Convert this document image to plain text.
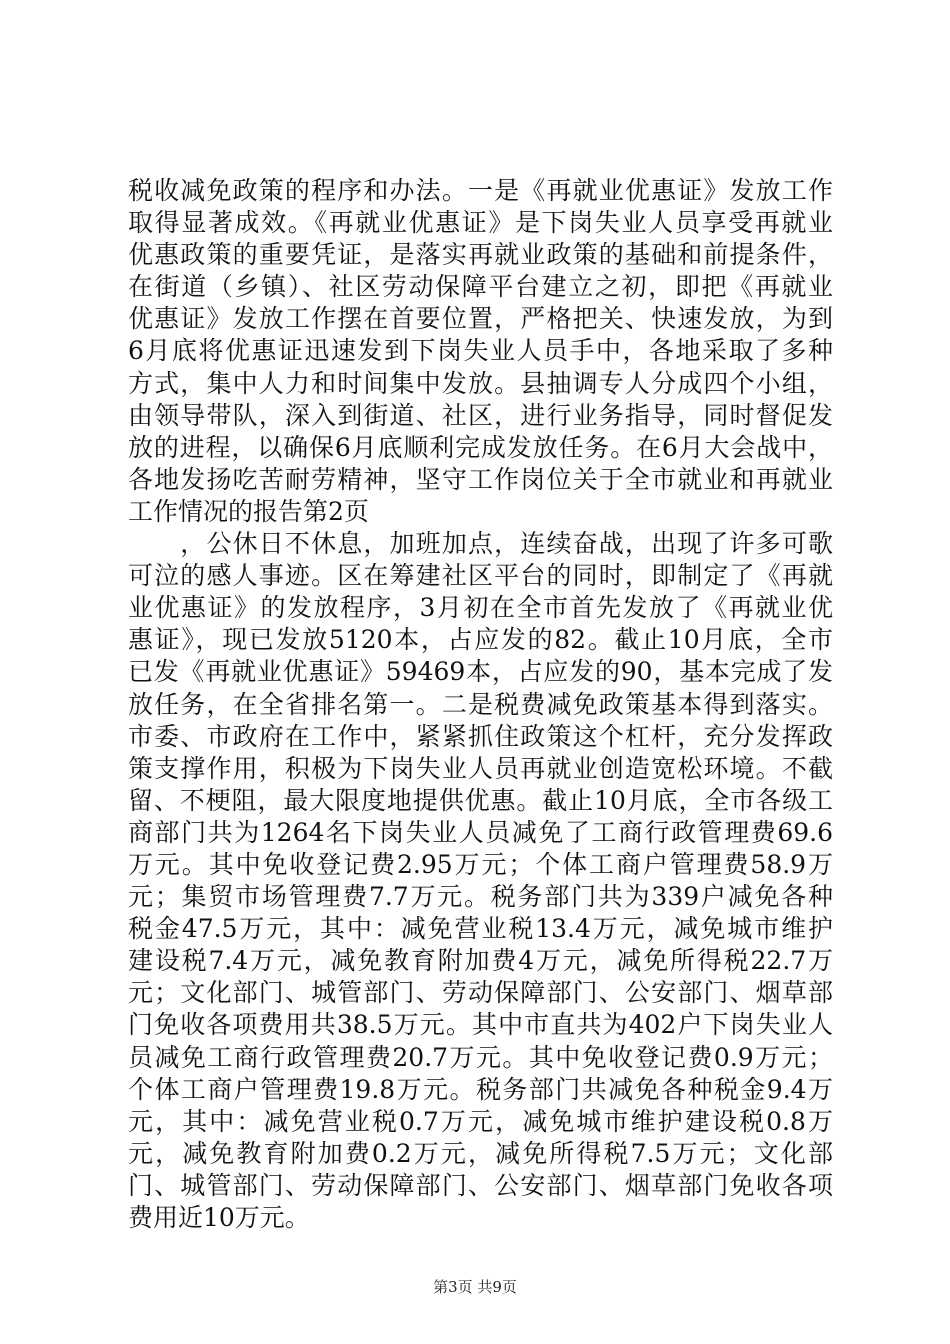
税收减免政策的程序和办法。一是《再就业优惠证》发放工作
取得显著成效。《再就业优惠证》是下岗失业人员享受再就业
优惠政策的重要凭证，是落实再就业政策的基础和前提条件，
在街道（乡镇）、社区劳动保障平台建立之初，即把《再就业
优惠证》发放工作摆在首要位置，严格把关、快速发放，为到
6月底将优惠证迅速发到下岗失业人员手中，各地采取了多种
方式，集中人力和时间集中发放。县抽调专人分成四个小组，
由领导带队，深入到街道、社区，进行业务指导，同时督促发
放的进程，以确保6月底顺利完成发放任务。在6月大会战中，
各地发扬吃苦耐劳精神，坚守工作岗位关于全市就业和再就业
工作情况的报告第2页
　　，公休日不休息，加班加点，连续奋战，出现了许多可歌
可泣的感人事迹。区在筹建社区平台的同时，即制定了《再就
业优惠证》的发放程序，3月初在全市首先发放了《再就业优
惠证》，现已发放5120本，占应发的82。截止10月底，全市
已发《再就业优惠证》59469本，占应发的90，基本完成了发
放任务，在全省排名第一。二是税费减免政策基本得到落实。
市委、市政府在工作中，紧紧抓住政策这个杠杆，充分发挥政
策支撑作用，积极为下岗失业人员再就业创造宽松环境。不截
留、不梗阻，最大限度地提供优惠。截止10月底，全市各级工
商部门共为1264名下岗失业人员减免了工商行政管理费69.6
万元。其中免收登记费2.95万元；个体工商户管理费58.9万
元；集贸市场管理费7.7万元。税务部门共为339户减免各种
税金47.5万元，其中：减免营业税13.4万元，减免城市维护
建设税7.4万元，减免教育附加费4万元，减免所得税22.7万
元；文化部门、城管部门、劳动保障部门、公安部门、烟草部
门免收各项费用共38.5万元。其中市直共为402户下岗失业人
员减免工商行政管理费20.7万元。其中免收登记费0.9万元；
个体工商户管理费19.8万元。税务部门共减免各种税金9.4万
元，其中：减免营业税0.7万元，减免城市维护建设税0.8万
元，减免教育附加费0.2万元，减免所得税7.5万元；文化部
门、城管部门、劳动保障部门、公安部门、烟草部门免收各项
费用近10万元。
第3页 共9页
